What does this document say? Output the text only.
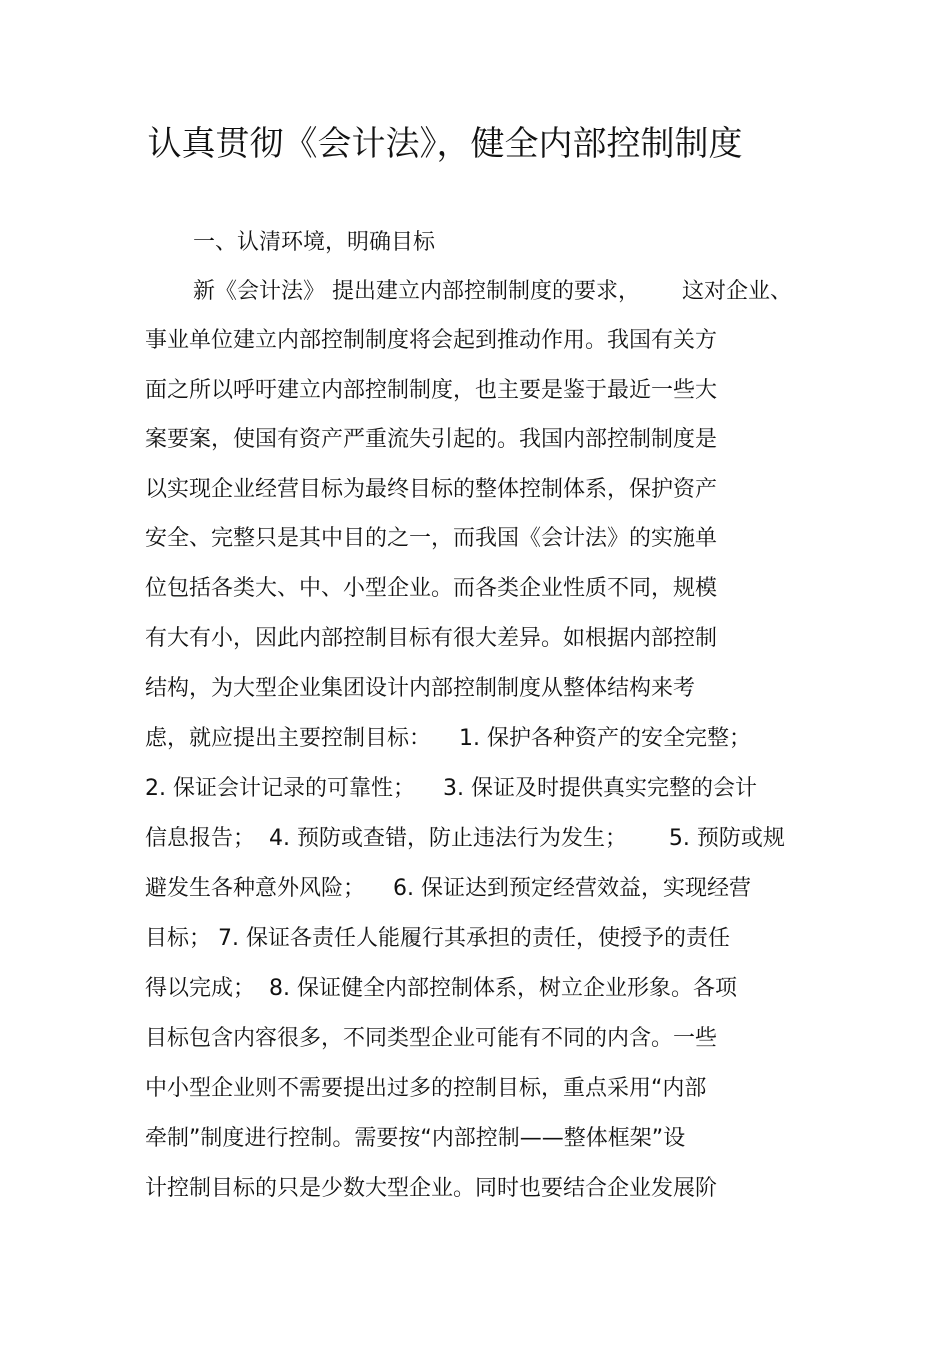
认真贯彻《会计法》，健全内部控制制度
一、认清环境，明确目标
新《会计法》 提出建立内部控制制度的要求，      这对企业、
事业单位建立内部控制制度将会起到推动作用。我国有关方
面之所以呼吁建立内部控制制度，也主要是鉴于最近一些大
案要案，使国有资产严重流失引起的。我国内部控制制度是
以实现企业经营目标为最终目标的整体控制体系，保护资产
安全、完整只是其中目的之一，而我国《会计法》的实施单
位包括各类大、中、小型企业。而各类企业性质不同，规模
有大有小，因此内部控制目标有很大差异。如根据内部控制
结构，为大型企业集团设计内部控制制度从整体结构来考
虑，就应提出主要控制目标：    1. 保护各种资产的安全完整；
2. 保证会计记录的可靠性；    3. 保证及时提供真实完整的会计
信息报告；  4. 预防或查错，防止违法行为发生；      5. 预防或规
避发生各种意外风险；    6. 保证达到预定经营效益，实现经营
目标； 7. 保证各责任人能履行其承担的责任，使授予的责任
得以完成；  8. 保证健全内部控制体系，树立企业形象。各项
目标包含内容很多，不同类型企业可能有不同的内含。一些
中小型企业则不需要提出过多的控制目标，重点采用“内部
牵制”制度进行控制。需要按“内部控制——整体框架”设
计控制目标的只是少数大型企业。同时也要结合企业发展阶
